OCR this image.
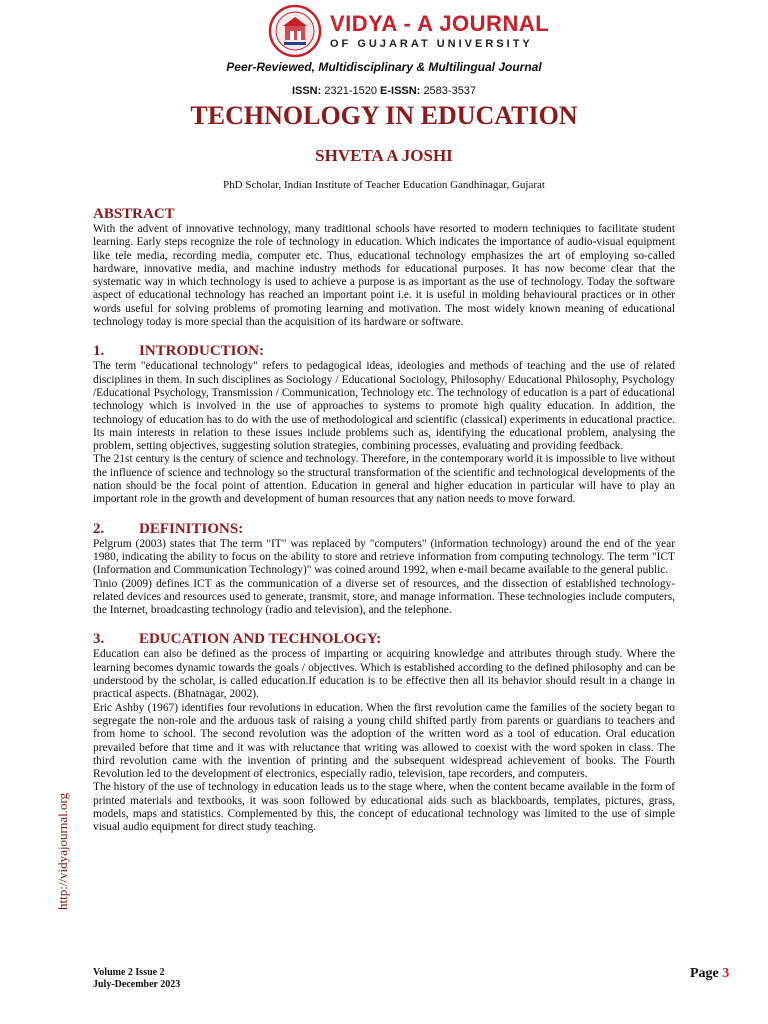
VIDYA - A JOURNAL
OF GUJARAT UNIVERSITY
Peer-Reviewed, Multidisciplinary & Multilingual Journal
ISSN: 2321-1520 E-ISSN: 2583-3537
TECHNOLOGY IN EDUCATION
SHVETA A JOSHI
PhD Scholar, Indian Institute of Teacher Education Gandhinagar, Gujarat
ABSTRACT

With the advent of innovative technology, many traditional schools have resorted to modern techniques to facilitate student learning. Early steps recognize the role of technology in education. Which indicates the importance of audio-visual equipment like tele media, recording media, computer etc. Thus, educational technology emphasizes the art of employing so-called hardware, innovative media, and machine industry methods for educational purposes. It has now become clear that the systematic way in which technology is used to achieve a purpose is as important as the use of technology. Today the software aspect of educational technology has reached an important point i.e. it is useful in molding behavioural practices or in other words useful for solving problems of promoting learning and motivation. The most widely known meaning of educational technology today is more special than the acquisition of its hardware or software.

1.	INTRODUCTION:

The term "educational technology" refers to pedagogical ideas, ideologies and methods of teaching and the use of related disciplines in them. In such disciplines as Sociology / Educational Sociology, Philosophy/ Educational Philosophy, Psychology /Educational Psychology, Transmission / Communication, Technology etc. The technology of education is a part of educational technology which is involved in the use of approaches to systems to promote high quality education. In addition, the technology of education has to do with the use of methodological and scientific (classical) experiments in educational practice. Its main interests in relation to these issues include problems such as, identifying the educational problem, analysing the problem, setting objectives, suggesting solution strategies, combining processes, evaluating and providing feedback.

The 21st century is the century of science and technology. Therefore, in the contemporary world it is impossible to live without the influence of science and technology so the structural transformation of the scientific and technological developments of the nation should be the focal point of attention. Education in general and higher education in particular will have to play an important role in the growth and development of human resources that any nation needs to move forward.

2.	DEFINITIONS:

Pelgrum (2003) states that The term "IT" was replaced by "computers" (information technology) around the end of the year 1980, indicating the ability to focus on the ability to store and retrieve information from computing technology. The term "ICT (Information and Communication Technology)" was coined around 1992, when e-mail became available to the general public.

Tinio (2009) defines ICT as the communication of a diverse set of resources, and the dissection of established technology-related devices and resources used to generate, transmit, store, and manage information. These technologies include computers, the Internet, broadcasting technology (radio and television), and the telephone.

3.	EDUCATION AND TECHNOLOGY:

Education can also be defined as the process of imparting or acquiring knowledge and attributes through study. Where the learning becomes dynamic towards the goals / objectives. Which is established according to the defined philosophy and can be understood by the scholar, is called education.If education is to be effective then all its behavior should result in a change in practical aspects. (Bhatnagar, 2002).

Eric Ashby (1967) identifies four revolutions in education. When the first revolution came the families of the society began to segregate the non-role and the arduous task of raising a young child shifted partly from parents or guardians to teachers and from home to school. The second revolution was the adoption of the written word as a tool of education. Oral education prevailed before that time and it was with reluctance that writing was allowed to coexist with the word spoken in class. The third revolution came with the invention of printing and the subsequent widespread achievement of books. The Fourth Revolution led to the development of electronics, especially radio, television, tape recorders, and computers.

The history of the use of technology in education leads us to the stage where, when the content became available in the form of printed materials and textbooks, it was soon followed by educational aids such as blackboards, templates, pictures, grass, models, maps and statistics. Complemented by this, the concept of educational technology was limited to the use of simple visual audio equipment for direct study teaching.

http://vidyajournal.org
Volume 2 Issue 2
July-December 2023
Page 3
